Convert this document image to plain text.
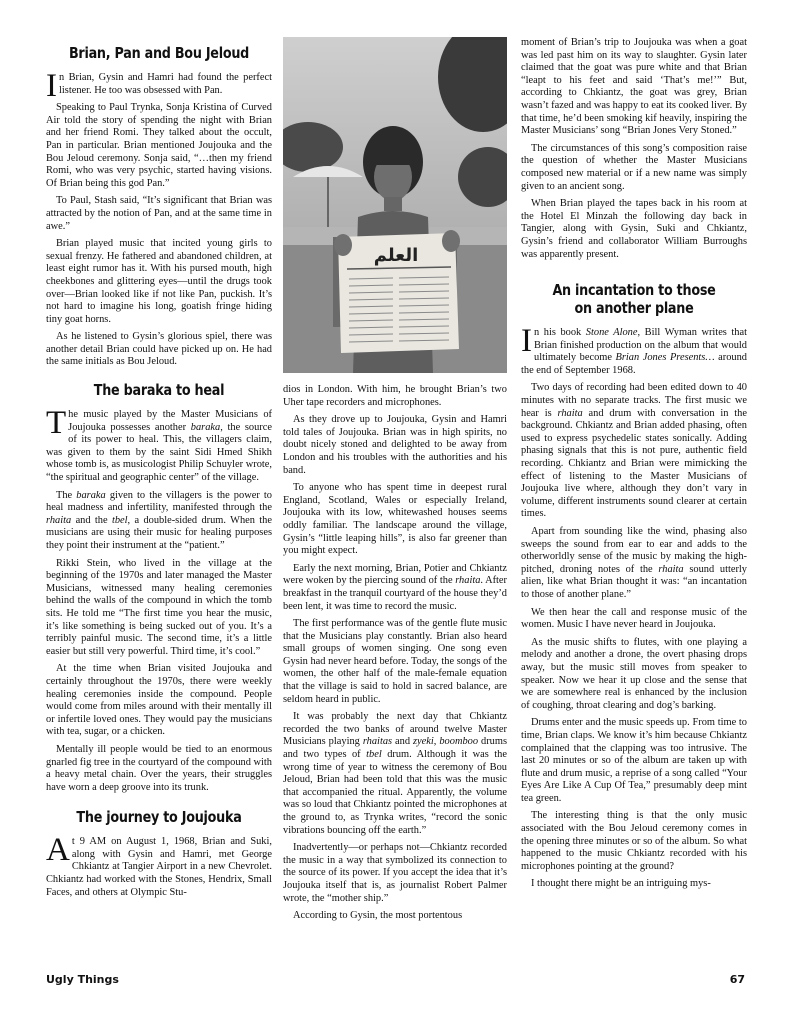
Brian, Pan and Bou Jeloud

In Brian, Gysin and Hamri had found the perfect listener. He too was obsessed with Pan.

Speaking to Paul Trynka, Sonja Kristina of Curved Air told the story of spending the night with Brian and her friend Romi. They talked about the occult, Pan in particular. Brian mentioned Joujouka and the Bou Jeloud ceremony. Sonja said, “…then my friend Romi, who was very psychic, started having visions. Of Brian being this god Pan.”

To Paul, Stash said, “It’s significant that Brian was attracted by the notion of Pan, and at the same time in awe.”

Brian played music that incited young girls to sexual frenzy. He fathered and abandoned children, at least eight rumor has it. With his pursed mouth, high cheekbones and glittering eyes—until the drugs took over—Brian looked like if not like Pan, puckish. It’s not hard to imagine his long, goatish fringe hiding tiny goat horns.

As he listened to Gysin’s glorious spiel, there was another detail Brian could have picked up on. He had the same initials as Bou Jeloud.

The baraka to heal

The music played by the Master Musicians of Joujouka possesses another baraka, the source of its power to heal. This, the villagers claim, was given to them by the saint Sidi Hmed Shikh whose tomb is, as musicologist Philip Schuyler wrote, “the spiritual and geographic center” of the village.

The baraka given to the villagers is the power to heal madness and infertility, manifested through the rhaita and the tbel, a double-sided drum. When the musicians are using their music for healing purposes they point their instrument at the “patient.”

Rikki Stein, who lived in the village at the beginning of the 1970s and later managed the Master Musicians, witnessed many healing ceremonies behind the walls of the compound in which the tomb sits. He told me “The first time you hear the music, it’s like something is being sucked out of you. It’s a terribly painful music. The second time, it’s a little easier but still very powerful. Third time, it’s cool.”

At the time when Brian visited Joujouka and certainly throughout the 1970s, there were weekly healing ceremonies inside the compound. People would come from miles around with their mentally ill or infertile loved ones. They would pay the musicians with tea, sugar, or a chicken.

Mentally ill people would be tied to an enormous gnarled fig tree in the courtyard of the compound with a heavy metal chain. Over the years, their struggles have worn a deep groove into its trunk.

The journey to Joujouka

At 9 AM on August 1, 1968, Brian and Suki, along with Gysin and Hamri, met George Chkiantz at Tangier Airport in a new Chevrolet. Chkiantz had worked with the Stones, Hendrix, Small Faces, and others at Olympic Stu-

العلم

dios in London. With him, he brought Brian’s two Uher tape recorders and microphones.

As they drove up to Joujouka, Gysin and Hamri told tales of Joujouka. Brian was in high spirits, no doubt nicely stoned and delighted to be away from London and his troubles with the authorities and his band.

To anyone who has spent time in deepest rural England, Scotland, Wales or especially Ireland, Joujouka with its low, whitewashed houses seems oddly familiar. The landscape around the village, Gysin’s “little leaping hills”, is also far greener than you might expect.

Early the next morning, Brian, Potier and Chkiantz were woken by the piercing sound of the rhaita. After breakfast in the tranquil courtyard of the house they’d been lent, it was time to record the music.

The first performance was of the gentle flute music that the Musicians play constantly. Brian also heard small groups of women singing. One song even Gysin had never heard before. Today, the songs of the women, the other half of the male-female equation that the village is said to hold in sacred balance, are seldom heard in public.

It was probably the next day that Chkiantz recorded the two banks of around twelve Master Musicians playing rhaitas and zyeki, boomboo drums and two types of tbel drum. Although it was the wrong time of year to witness the ceremony of Bou Jeloud, Brian had been told that this was the music that accompanied the ritual. Apparently, the volume was so loud that Chkiantz pointed the microphones at the ground to, as Trynka writes, “record the sonic vibrations bouncing off the earth.”

Inadvertently—or perhaps not—Chkiantz recorded the music in a way that symbolized its connection to the source of its power. If you accept the idea that it’s Joujouka itself that is, as journalist Robert Palmer wrote, the “mother ship.”

According to Gysin, the most portentous

moment of Brian’s trip to Joujouka was when a goat was led past him on its way to slaughter. Gysin later claimed that the goat was pure white and that Brian “leapt to his feet and said ‘That’s me!’” But, according to Chkiantz, the goat was grey, Brian wasn’t fazed and was happy to eat its cooked liver. By that time, he’d been smoking kif heavily, inspiring the Master Musicians’ song “Brian Jones Very Stoned.”

The circumstances of this song’s composition raise the question of whether the Master Musicians composed new material or if a new name was simply given to an ancient song.

When Brian played the tapes back in his room at the Hotel El Minzah the following day back in Tangier, along with Gysin, Suki and Chkiantz, Gysin’s friend and collaborator William Burroughs was apparently present.

An incantation to those
on another plane

In his book Stone Alone, Bill Wyman writes that Brian finished production on the album that would ultimately become Brian Jones Presents… around the end of September 1968.

Two days of recording had been edited down to 40 minutes with no separate tracks. The first music we hear is rhaita and drum with conversation in the background. Chkiantz and Brian added phasing, often used to express psychedelic states sonically. Adding phasing signals that this is not pure, authentic field recording. Chkiantz and Brian were mimicking the effect of listening to the Master Musicians of Joujouka live where, although they don’t vary in volume, different instruments sound clearer at certain times.

Apart from sounding like the wind, phasing also sweeps the sound from ear to ear and adds to the otherworldly sense of the music by making the high-pitched, droning notes of the rhaita sound utterly alien, like what Brian thought it was: “an incantation to those of another plane.”

We then hear the call and response music of the women. Music I have never heard in Joujouka.

As the music shifts to flutes, with one playing a melody and another a drone, the overt phasing drops away, but the music still moves from speaker to speaker. Now we hear it up close and the sense that we are somewhere real is enhanced by the inclusion of coughing, throat clearing and dog’s barking.

Drums enter and the music speeds up. From time to time, Brian claps. We know it’s him because Chkiantz complained that the clapping was too intrusive. The last 20 minutes or so of the album are taken up with flute and drum music, a reprise of a song called “Your Eyes Are Like A Cup Of Tea,” presumably deep mint tea green.

The interesting thing is that the only music associated with the Bou Jeloud ceremony comes in the opening three minutes or so of the album. So what happened to the music Chkiantz recorded with his microphones pointing at the ground?

I thought there might be an intriguing mys-

Ugly Things	67
